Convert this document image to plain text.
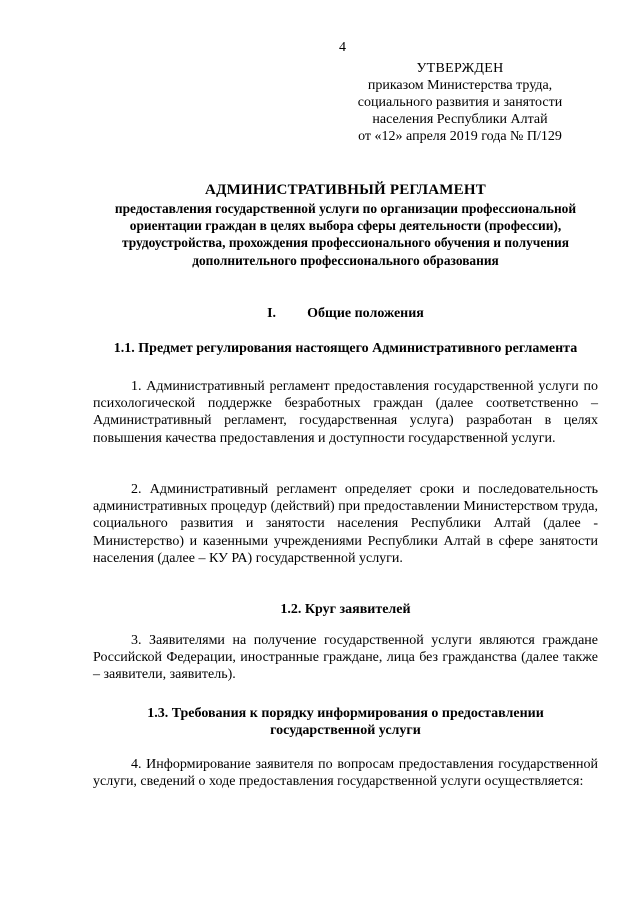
4
УТВЕРЖДЕН
приказом Министерства труда,
социального развития и занятости
населения Республики Алтай
от «12» апреля 2019 года № П/129
АДМИНИСТРАТИВНЫЙ РЕГЛАМЕНТ
предоставления государственной услуги по организации профессиональной ориентации граждан в целях выбора сферы деятельности (профессии), трудоустройства, прохождения профессионального обучения и получения дополнительного профессионального образования
I. Общие положения
1.1. Предмет регулирования настоящего Административного регламента

1. Административный регламент предоставления государственной услуги по психологической поддержке безработных граждан (далее соответственно – Административный регламент, государственная услуга) разработан в целях повышения качества предоставления и доступности государственной услуги.

2. Административный регламент определяет сроки и последовательность административных процедур (действий) при предоставлении Министерством труда, социального развития и занятости населения Республики Алтай (далее - Министерство) и казенными учреждениями Республики Алтай в сфере занятости населения (далее – КУ РА) государственной услуги.

1.2. Круг заявителей

3. Заявителями на получение государственной услуги являются граждане Российской Федерации, иностранные граждане, лица без гражданства (далее также – заявители, заявитель).

1.3. Требования к порядку информирования о предоставлении государственной услуги

4. Информирование заявителя по вопросам предоставления государственной услуги, сведений о ходе предоставления государственной услуги осуществляется:
